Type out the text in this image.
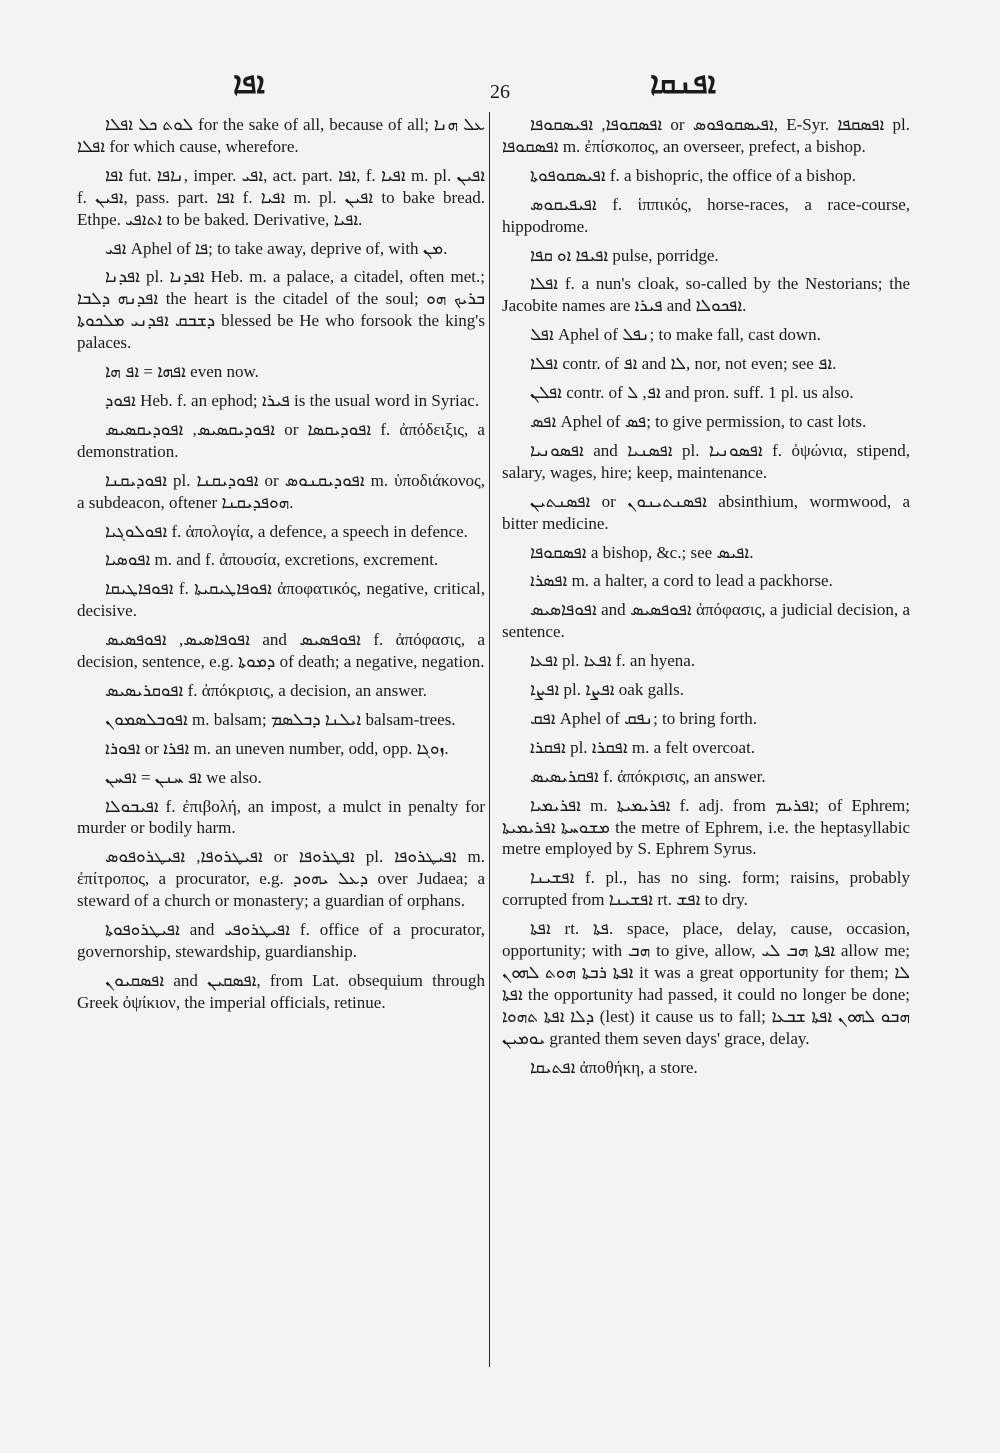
ܐܦܐ	26	ܐܦܢܩܐ

ܠܘܬ ܟܠ ܐܦܠܐ for the sake of all, because of all; ܥܠ ܗܢܐ ܐܦܠܐ for which cause, wherefore.

ܐܦܐ fut. ܢܐܦܐ, imper. ܐܦܝ, act. part. ܐܦܐ, f. ܐܦܝܐ m. pl. ܐܦܝܢ f. ܐܦܝܢ, pass. part. ܐܦܐ f. ܐܦܝܐ m. pl. ܐܦܝܢ to bake bread. Ethpe. ܐܬܐܦܝ to be baked. Derivative, ܐܦܝܐ.

ܐܦܝ Aphel of ܦܐ; to take away, deprive of, with ܡܢ.

ܐܦܕܢܐ pl. ܐܦܕܢܐ Heb. m. a palace, a citadel, often met.; ܐܦܕܢܗ ܕܠܒܐ the heart is the citadel of the soul; ܒܪܝܟ ܗܘ ܕܫܒܩ ܐܦܕܢܝ ܡܠܟܘܬܐ blessed be He who forsook the king's palaces.

ܐܦܗܐ = ܐܦ ܗܐ even now.

ܐܦܘܕ Heb. f. an ephod; ܦܝܪܐ is the usual word in Syriac.

ܐܦܘܕܝܩܣܝܣ, ܐܦܘܕܝܩܣܝܣ or ܐܦܘܕܝܩܣܐ f. ἀπόδειξις, a demonstration.

ܐܦܘܕܝܩܢܐ pl. ܐܦܘܕܝܩܢܐ or ܐܦܘܕܝܩܢܘܣ m. ὑποδιάκονος, a subdeacon, oftener ܗܘܦܕܝܩܢܐ.

ܐܦܘܠܘܓܝܐ f. ἀπολογία, a defence, a speech in defence.

ܐܦܘܣܝܐ m. and f. ἀπουσία, excretions, excrement.

ܐܦܘܦܐܛܝܩܐ f. ܐܦܘܦܐܛܝܩܝܬܐ ἀποφατικός, negative, critical, decisive.

ܐܦܘܦܐܣܝܣ, ܐܦܘܦܣܝܣ and ܐܦܘܦܣܝܣ f. ἀπόφασις, a decision, sentence, e.g. ܕܡܘܬܐ of death; a negative, negation.

ܐܦܘܩܪܝܣܝܣ f. ἀπόκρισις, a decision, an answer.

ܐܦܘܒܠܣܡܘܢ m. balsam; ܐܝܠܢܐ ܕܒܠܣܡ balsam-trees.

ܐܦܘܪܐ or ܐܦܪܐ m. an uneven number, odd, opp. ܙܘܓܐ.

ܐܦ ܚܢܢ = ܐܦܚܢ we also.

ܐܦܝܒܘܠܐ f. ἐπιβολή, an impost, a mulct in penalty for murder or bodily harm.

ܐܦܝܛܪܘܦܐ, ܐܦܝܛܪܘܦܘܣ or ܐܦܛܪܘܦܐ pl. ܐܦܝܛܪܘܦܐ m. ἐπίτροπος, a procurator, e.g. ܕܥܠ ܝܗܘܕ over Judaea; a steward of a church or monastery; a guardian of orphans.

ܐܦܝܛܪܘܦܘܬܐ and ܐܦܝܛܪܘܦܝ f. office of a procurator, governorship, stewardship, guardianship.

ܐܦܣܩܝܘܢ and ܐܦܣܩܝܢ, from Lat. obsequium through Greek ὀψίκιον, the imperial officials, retinue.

ܐܦܣܩܘܦܐ, ܐܦܝܣܩܘܦܐ or ܐܦܝܣܩܘܦܘܣ, E-Syr. ܐܦܣܩܦܐ pl. ܐܦܣܩܘܦܐ m. ἐπίσκοπος, an overseer, prefect, a bishop.

ܐܦܝܣܩܘܦܘܬܐ f. a bishopric, the office of a bishop.

ܐܦܝܦܝܩܘܣ f. ἱππικός, horse-races, a race-course, hippodrome.

ܐܦܝܦܐ ܐܘ ܩܦܐ pulse, porridge.

ܐܦܠܐ f. a nun's cloak, so-called by the Nestorians; the Jacobite names are ܦܝܪܐ and ܐܦܟܘܠܐ.

ܐܦܠ Aphel of ܢܦܠ; to make fall, cast down.

ܐܦܠܐ contr. of ܐܦ and ܠܐ, nor, not even; see ܐܦ.

ܐܦܠܢ contr. of ܐܦ, ܠ and pron. suff. 1 pl. us also.

ܐܦܣ Aphel of ܦܣ; to give permission, to cast lots.

ܐܦܣܘܢܝܐ and ܐܦܣܢܝܐ pl. ܐܦܣܘܢܝܐ f. ὀψώνια, stipend, salary, wages, hire; keep, maintenance.

ܐܦܣܢܬܝܢ or ܐܦܣܢܬܝܢܘܢ absinthium, wormwood, a bitter medicine.

ܐܦܣܩܘܦܐ a bishop, &c.; see ܐܦܝܣ.

ܐܦܣܪܐ m. a halter, a cord to lead a packhorse.

ܐܦܘܦܐܣܝܣ and ܐܦܘܦܣܝܣ ἀπόφασις, a judicial decision, a sentence.

ܐܦܥܐ pl. ܐܦܥܐ f. an hyena.

ܐܦܨܐ pl. ܐܦܨܐ oak galls.

ܐܦܩ Aphel of ܢܦܩ; to bring forth.

ܐܦܩܪܐ pl. ܐܦܩܪܐ m. a felt overcoat.

ܐܦܩܪܝܣܝܣ f. ἀπόκρισις, an answer.

ܐܦܪܝܡܝܐ m. ܐܦܪܝܡܝܬܐ f. adj. from ܐܦܪܝܡ; of Ephrem; ܡܫܘܚܬܐ ܐܦܪܝܡܝܬܐ the metre of Ephrem, i.e. the heptasyllabic metre employed by S. Ephrem Syrus.

ܐܦܫܝܢܐ f. pl., has no sing. form; raisins, probably corrupted from ܐܦܫܝܢܐ rt. ܐܦܫ to dry.

ܐܦܬܐ rt. ܦܬܐ. space, place, delay, cause, occasion, opportunity; with ܗܒ to give, allow, ܐܦܬܐ ܗܒ ܠܝ allow me; ܐܦܬܐ ܪܒܬܐ ܗܘܬ ܠܗܘܢ it was a great opportunity for them; ܠܐ ܐܦܬܐ the opportunity had passed, it could no longer be done; ܕܠܐ ܐܦܬܐ ܬܗܘܐ (lest) it cause us to fall; ܗܒܘ ܠܗܘܢ ܐܦܬܐ ܫܒܥܐ ܝܘܡܝܢ granted them seven days' grace, delay.

ܐܦܬܝܩܐ ἀποθήκη, a store.
